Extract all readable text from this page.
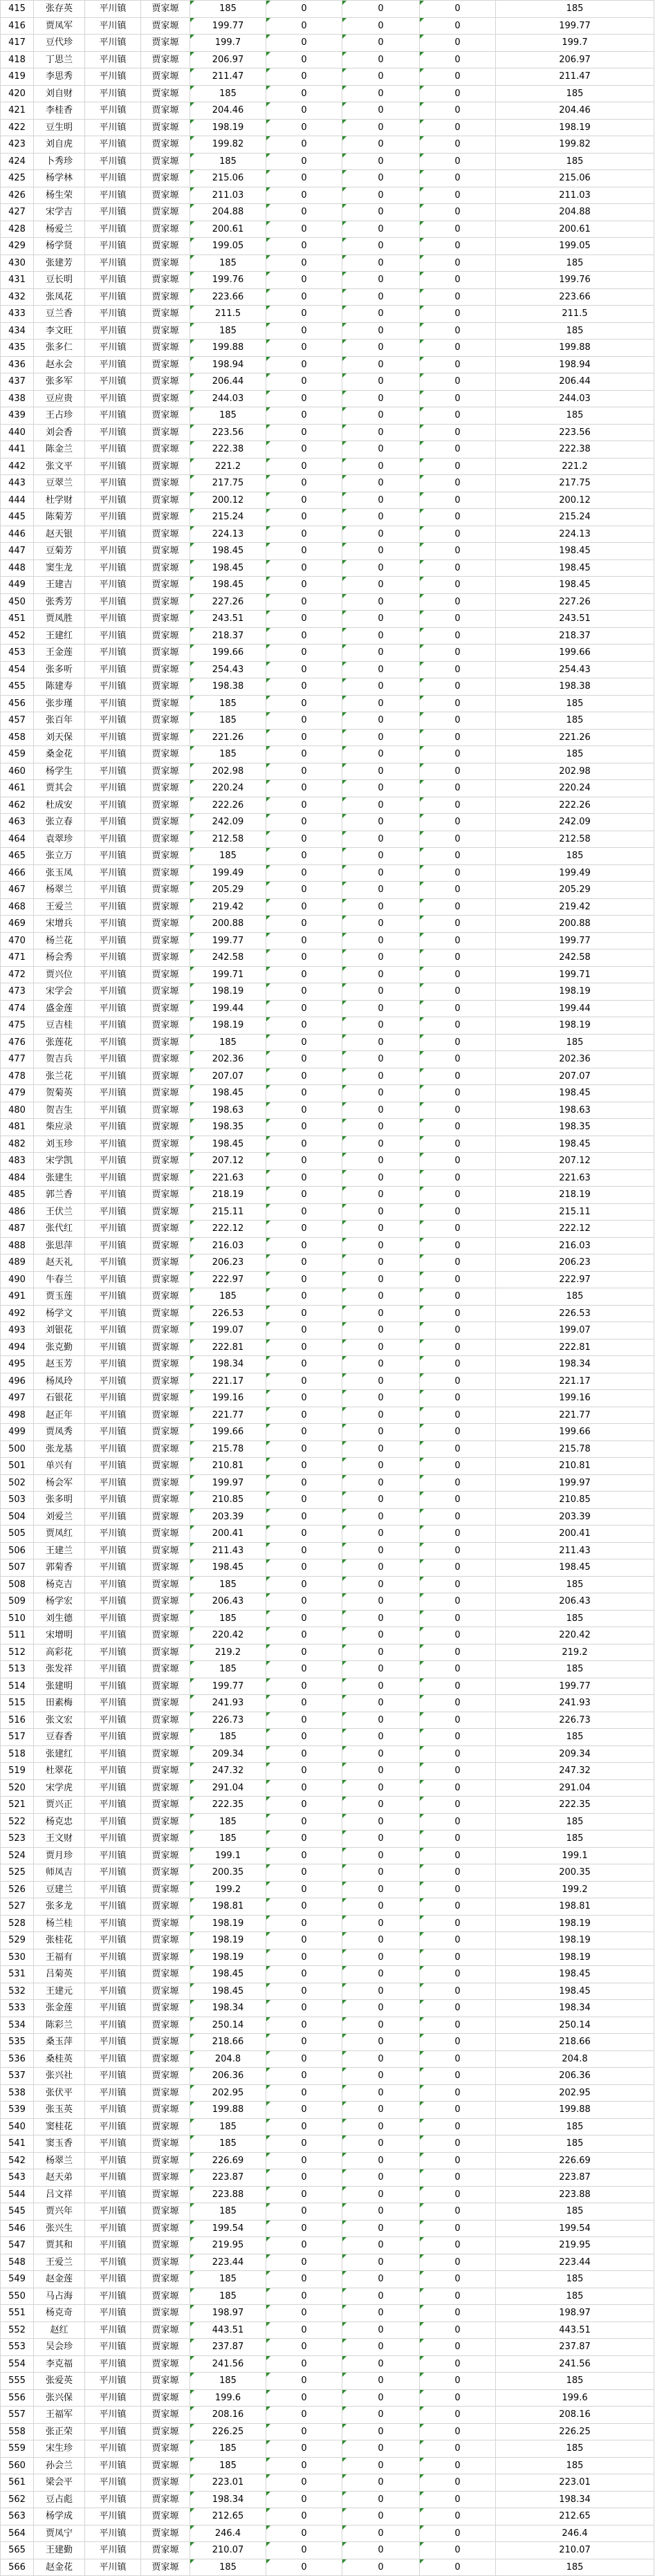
415	张存英	平川镇	贾家塬	185	0	0	0	185
416	贾凤军	平川镇	贾家塬	199.77	0	0	0	199.77
417	豆代珍	平川镇	贾家塬	199.7	0	0	0	199.7
418	丁思兰	平川镇	贾家塬	206.97	0	0	0	206.97
419	李思秀	平川镇	贾家塬	211.47	0	0	0	211.47
420	刘自财	平川镇	贾家塬	185	0	0	0	185
421	李桂香	平川镇	贾家塬	204.46	0	0	0	204.46
422	豆生明	平川镇	贾家塬	198.19	0	0	0	198.19
423	刘自虎	平川镇	贾家塬	199.82	0	0	0	199.82
424	卜秀珍	平川镇	贾家塬	185	0	0	0	185
425	杨学林	平川镇	贾家塬	215.06	0	0	0	215.06
426	杨生荣	平川镇	贾家塬	211.03	0	0	0	211.03
427	宋学吉	平川镇	贾家塬	204.88	0	0	0	204.88
428	杨爱兰	平川镇	贾家塬	200.61	0	0	0	200.61
429	杨学贤	平川镇	贾家塬	199.05	0	0	0	199.05
430	张建芳	平川镇	贾家塬	185	0	0	0	185
431	豆长明	平川镇	贾家塬	199.76	0	0	0	199.76
432	张凤花	平川镇	贾家塬	223.66	0	0	0	223.66
433	豆兰香	平川镇	贾家塬	211.5	0	0	0	211.5
434	李文旺	平川镇	贾家塬	185	0	0	0	185
435	张多仁	平川镇	贾家塬	199.88	0	0	0	199.88
436	赵永会	平川镇	贾家塬	198.94	0	0	0	198.94
437	张多军	平川镇	贾家塬	206.44	0	0	0	206.44
438	豆应贵	平川镇	贾家塬	244.03	0	0	0	244.03
439	王占珍	平川镇	贾家塬	185	0	0	0	185
440	刘会香	平川镇	贾家塬	223.56	0	0	0	223.56
441	陈金兰	平川镇	贾家塬	222.38	0	0	0	222.38
442	张文平	平川镇	贾家塬	221.2	0	0	0	221.2
443	豆翠兰	平川镇	贾家塬	217.75	0	0	0	217.75
444	杜学财	平川镇	贾家塬	200.12	0	0	0	200.12
445	陈菊芳	平川镇	贾家塬	215.24	0	0	0	215.24
446	赵天银	平川镇	贾家塬	224.13	0	0	0	224.13
447	豆菊芳	平川镇	贾家塬	198.45	0	0	0	198.45
448	窦生龙	平川镇	贾家塬	198.45	0	0	0	198.45
449	王建吉	平川镇	贾家塬	198.45	0	0	0	198.45
450	张秀芳	平川镇	贾家塬	227.26	0	0	0	227.26
451	贾凤胜	平川镇	贾家塬	243.51	0	0	0	243.51
452	王建红	平川镇	贾家塬	218.37	0	0	0	218.37
453	王金莲	平川镇	贾家塬	199.66	0	0	0	199.66
454	张多听	平川镇	贾家塬	254.43	0	0	0	254.43
455	陈建寿	平川镇	贾家塬	198.38	0	0	0	198.38
456	张步瑾	平川镇	贾家塬	185	0	0	0	185
457	张百年	平川镇	贾家塬	185	0	0	0	185
458	刘天保	平川镇	贾家塬	221.26	0	0	0	221.26
459	桑金花	平川镇	贾家塬	185	0	0	0	185
460	杨学生	平川镇	贾家塬	202.98	0	0	0	202.98
461	贾其会	平川镇	贾家塬	220.24	0	0	0	220.24
462	杜成安	平川镇	贾家塬	222.26	0	0	0	222.26
463	张立春	平川镇	贾家塬	242.09	0	0	0	242.09
464	袁翠珍	平川镇	贾家塬	212.58	0	0	0	212.58
465	张立万	平川镇	贾家塬	185	0	0	0	185
466	张玉凤	平川镇	贾家塬	199.49	0	0	0	199.49
467	杨翠兰	平川镇	贾家塬	205.29	0	0	0	205.29
468	王爱兰	平川镇	贾家塬	219.42	0	0	0	219.42
469	宋增兵	平川镇	贾家塬	200.88	0	0	0	200.88
470	杨兰花	平川镇	贾家塬	199.77	0	0	0	199.77
471	杨会秀	平川镇	贾家塬	242.58	0	0	0	242.58
472	贾兴位	平川镇	贾家塬	199.71	0	0	0	199.71
473	宋学会	平川镇	贾家塬	198.19	0	0	0	198.19
474	盛金莲	平川镇	贾家塬	199.44	0	0	0	199.44
475	豆吉桂	平川镇	贾家塬	198.19	0	0	0	198.19
476	张莲花	平川镇	贾家塬	185	0	0	0	185
477	贺吉兵	平川镇	贾家塬	202.36	0	0	0	202.36
478	张兰花	平川镇	贾家塬	207.07	0	0	0	207.07
479	贺菊英	平川镇	贾家塬	198.45	0	0	0	198.45
480	贺吉生	平川镇	贾家塬	198.63	0	0	0	198.63
481	柴应录	平川镇	贾家塬	198.35	0	0	0	198.35
482	刘玉珍	平川镇	贾家塬	198.45	0	0	0	198.45
483	宋学凯	平川镇	贾家塬	207.12	0	0	0	207.12
484	张建生	平川镇	贾家塬	221.63	0	0	0	221.63
485	郭兰香	平川镇	贾家塬	218.19	0	0	0	218.19
486	王伏兰	平川镇	贾家塬	215.11	0	0	0	215.11
487	张代红	平川镇	贾家塬	222.12	0	0	0	222.12
488	张思萍	平川镇	贾家塬	216.03	0	0	0	216.03
489	赵天礼	平川镇	贾家塬	206.23	0	0	0	206.23
490	牛春兰	平川镇	贾家塬	222.97	0	0	0	222.97
491	贾玉莲	平川镇	贾家塬	185	0	0	0	185
492	杨学文	平川镇	贾家塬	226.53	0	0	0	226.53
493	刘银花	平川镇	贾家塬	199.07	0	0	0	199.07
494	张克勤	平川镇	贾家塬	222.81	0	0	0	222.81
495	赵玉芳	平川镇	贾家塬	198.34	0	0	0	198.34
496	杨凤玲	平川镇	贾家塬	221.17	0	0	0	221.17
497	石银花	平川镇	贾家塬	199.16	0	0	0	199.16
498	赵正年	平川镇	贾家塬	221.77	0	0	0	221.77
499	贾凤秀	平川镇	贾家塬	199.66	0	0	0	199.66
500	张龙基	平川镇	贾家塬	215.78	0	0	0	215.78
501	单兴有	平川镇	贾家塬	210.81	0	0	0	210.81
502	杨会军	平川镇	贾家塬	199.97	0	0	0	199.97
503	张多明	平川镇	贾家塬	210.85	0	0	0	210.85
504	刘爱兰	平川镇	贾家塬	203.39	0	0	0	203.39
505	贾凤红	平川镇	贾家塬	200.41	0	0	0	200.41
506	王建兰	平川镇	贾家塬	211.43	0	0	0	211.43
507	郭菊香	平川镇	贾家塬	198.45	0	0	0	198.45
508	杨克吉	平川镇	贾家塬	185	0	0	0	185
509	杨学宏	平川镇	贾家塬	206.43	0	0	0	206.43
510	刘生德	平川镇	贾家塬	185	0	0	0	185
511	宋增明	平川镇	贾家塬	220.42	0	0	0	220.42
512	高彩花	平川镇	贾家塬	219.2	0	0	0	219.2
513	张发祥	平川镇	贾家塬	185	0	0	0	185
514	张建明	平川镇	贾家塬	199.77	0	0	0	199.77
515	田素梅	平川镇	贾家塬	241.93	0	0	0	241.93
516	张文宏	平川镇	贾家塬	226.73	0	0	0	226.73
517	豆春香	平川镇	贾家塬	185	0	0	0	185
518	张建红	平川镇	贾家塬	209.34	0	0	0	209.34
519	杜翠花	平川镇	贾家塬	247.32	0	0	0	247.32
520	宋学虎	平川镇	贾家塬	291.04	0	0	0	291.04
521	贾兴正	平川镇	贾家塬	222.35	0	0	0	222.35
522	杨克忠	平川镇	贾家塬	185	0	0	0	185
523	王文财	平川镇	贾家塬	185	0	0	0	185
524	贾月珍	平川镇	贾家塬	199.1	0	0	0	199.1
525	师凤吉	平川镇	贾家塬	200.35	0	0	0	200.35
526	豆建兰	平川镇	贾家塬	199.2	0	0	0	199.2
527	张多龙	平川镇	贾家塬	198.81	0	0	0	198.81
528	杨兰桂	平川镇	贾家塬	198.19	0	0	0	198.19
529	张桂花	平川镇	贾家塬	198.19	0	0	0	198.19
530	王福有	平川镇	贾家塬	198.19	0	0	0	198.19
531	吕菊英	平川镇	贾家塬	198.45	0	0	0	198.45
532	王建元	平川镇	贾家塬	198.45	0	0	0	198.45
533	张金莲	平川镇	贾家塬	198.34	0	0	0	198.34
534	陈彩兰	平川镇	贾家塬	250.14	0	0	0	250.14
535	桑玉萍	平川镇	贾家塬	218.66	0	0	0	218.66
536	桑桂英	平川镇	贾家塬	204.8	0	0	0	204.8
537	张兴社	平川镇	贾家塬	206.36	0	0	0	206.36
538	张伏平	平川镇	贾家塬	202.95	0	0	0	202.95
539	张玉英	平川镇	贾家塬	199.88	0	0	0	199.88
540	窦桂花	平川镇	贾家塬	185	0	0	0	185
541	窦玉香	平川镇	贾家塬	185	0	0	0	185
542	杨翠兰	平川镇	贾家塬	226.69	0	0	0	226.69
543	赵天弟	平川镇	贾家塬	223.87	0	0	0	223.87
544	吕文祥	平川镇	贾家塬	223.88	0	0	0	223.88
545	贾兴年	平川镇	贾家塬	185	0	0	0	185
546	张兴生	平川镇	贾家塬	199.54	0	0	0	199.54
547	贾其和	平川镇	贾家塬	219.95	0	0	0	219.95
548	王爱兰	平川镇	贾家塬	223.44	0	0	0	223.44
549	赵金莲	平川镇	贾家塬	185	0	0	0	185
550	马占海	平川镇	贾家塬	185	0	0	0	185
551	杨克奇	平川镇	贾家塬	198.97	0	0	0	198.97
552	赵红	平川镇	贾家塬	443.51	0	0	0	443.51
553	吴会珍	平川镇	贾家塬	237.87	0	0	0	237.87
554	李克福	平川镇	贾家塬	241.56	0	0	0	241.56
555	张爱英	平川镇	贾家塬	185	0	0	0	185
556	张兴保	平川镇	贾家塬	199.6	0	0	0	199.6
557	王福军	平川镇	贾家塬	208.16	0	0	0	208.16
558	张正荣	平川镇	贾家塬	226.25	0	0	0	226.25
559	宋生珍	平川镇	贾家塬	185	0	0	0	185
560	孙会兰	平川镇	贾家塬	185	0	0	0	185
561	梁会平	平川镇	贾家塬	223.01	0	0	0	223.01
562	豆占彪	平川镇	贾家塬	198.34	0	0	0	198.34
563	杨学成	平川镇	贾家塬	212.65	0	0	0	212.65
564	贾凤宁	平川镇	贾家塬	246.4	0	0	0	246.4
565	王建勤	平川镇	贾家塬	210.07	0	0	0	210.07
566	赵金花	平川镇	贾家塬	185	0	0	0	185
